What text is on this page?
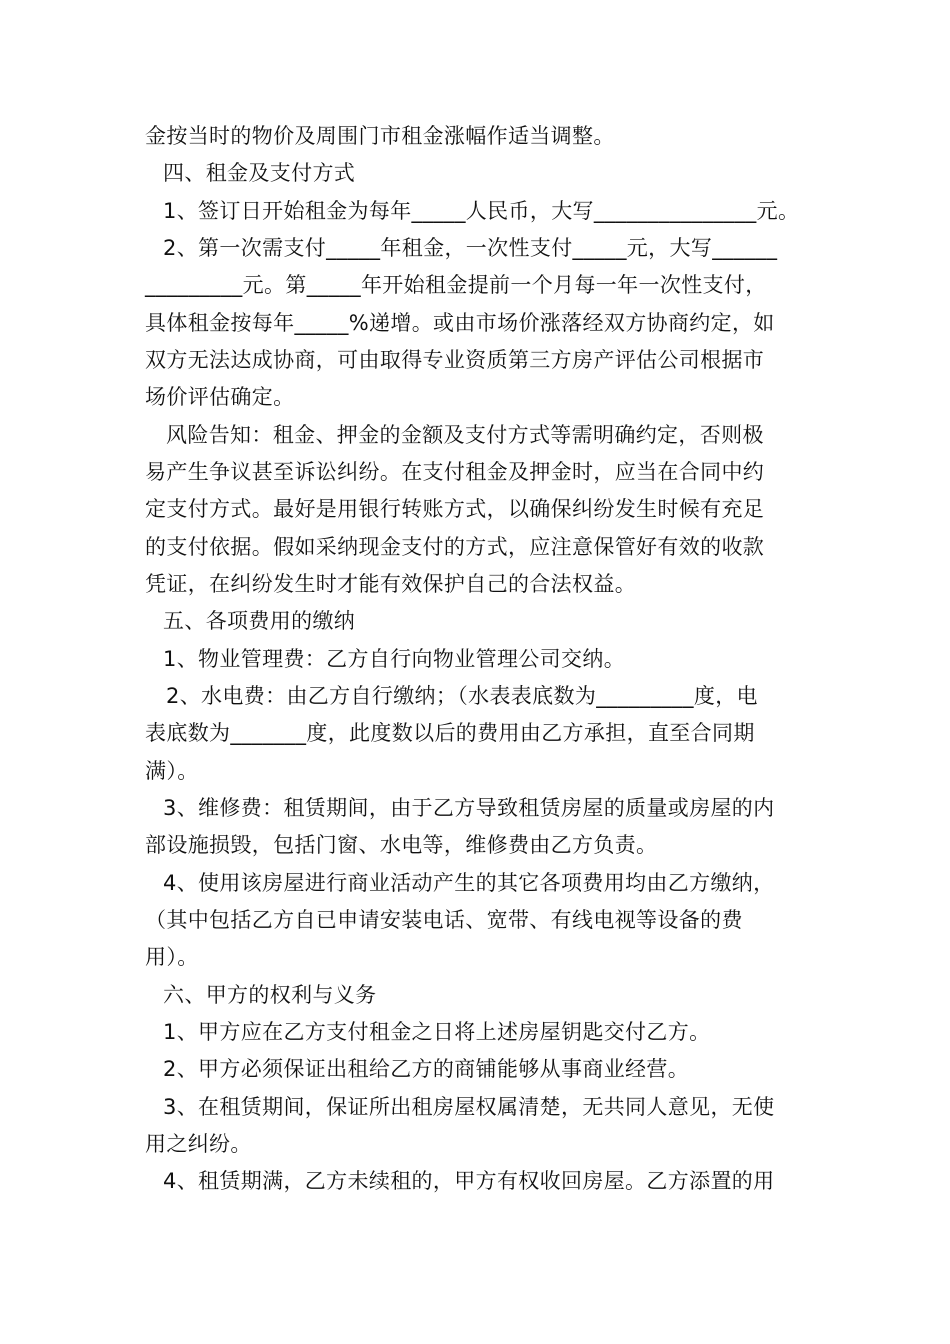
金按当时的物价及周围门市租金涨幅作适当调整。

四、租金及支付方式

1、签订日开始租金为每年_____人民币，大写_______________元。

2、第一次需支付_____年租金，一次性支付_____元，大写______

_________元。第_____年开始租金提前一个月每一年一次性支付，

具体租金按每年_____%递增。或由市场价涨落经双方协商约定，如

双方无法达成协商，可由取得专业资质第三方房产评估公司根据市

场价评估确定。

风险告知：租金、押金的金额及支付方式等需明确约定，否则极

易产生争议甚至诉讼纠纷。在支付租金及押金时，应当在合同中约

定支付方式。最好是用银行转账方式，以确保纠纷发生时候有充足

的支付依据。假如采纳现金支付的方式，应注意保管好有效的收款

凭证，在纠纷发生时才能有效保护自己的合法权益。

五、各项费用的缴纳

1、物业管理费：乙方自行向物业管理公司交纳。

2、水电费：由乙方自行缴纳；（水表表底数为_________度，电

表底数为_______度，此度数以后的费用由乙方承担，直至合同期

满）。

3、维修费：租赁期间，由于乙方导致租赁房屋的质量或房屋的内

部设施损毁，包括门窗、水电等，维修费由乙方负责。

4、使用该房屋进行商业活动产生的其它各项费用均由乙方缴纳，

（其中包括乙方自已申请安装电话、宽带、有线电视等设备的费

用）。

六、甲方的权利与义务

1、甲方应在乙方支付租金之日将上述房屋钥匙交付乙方。

2、甲方必须保证出租给乙方的商铺能够从事商业经营。

3、在租赁期间，保证所出租房屋权属清楚，无共同人意见，无使

用之纠纷。

4、租赁期满，乙方未续租的，甲方有权收回房屋。乙方添置的用
